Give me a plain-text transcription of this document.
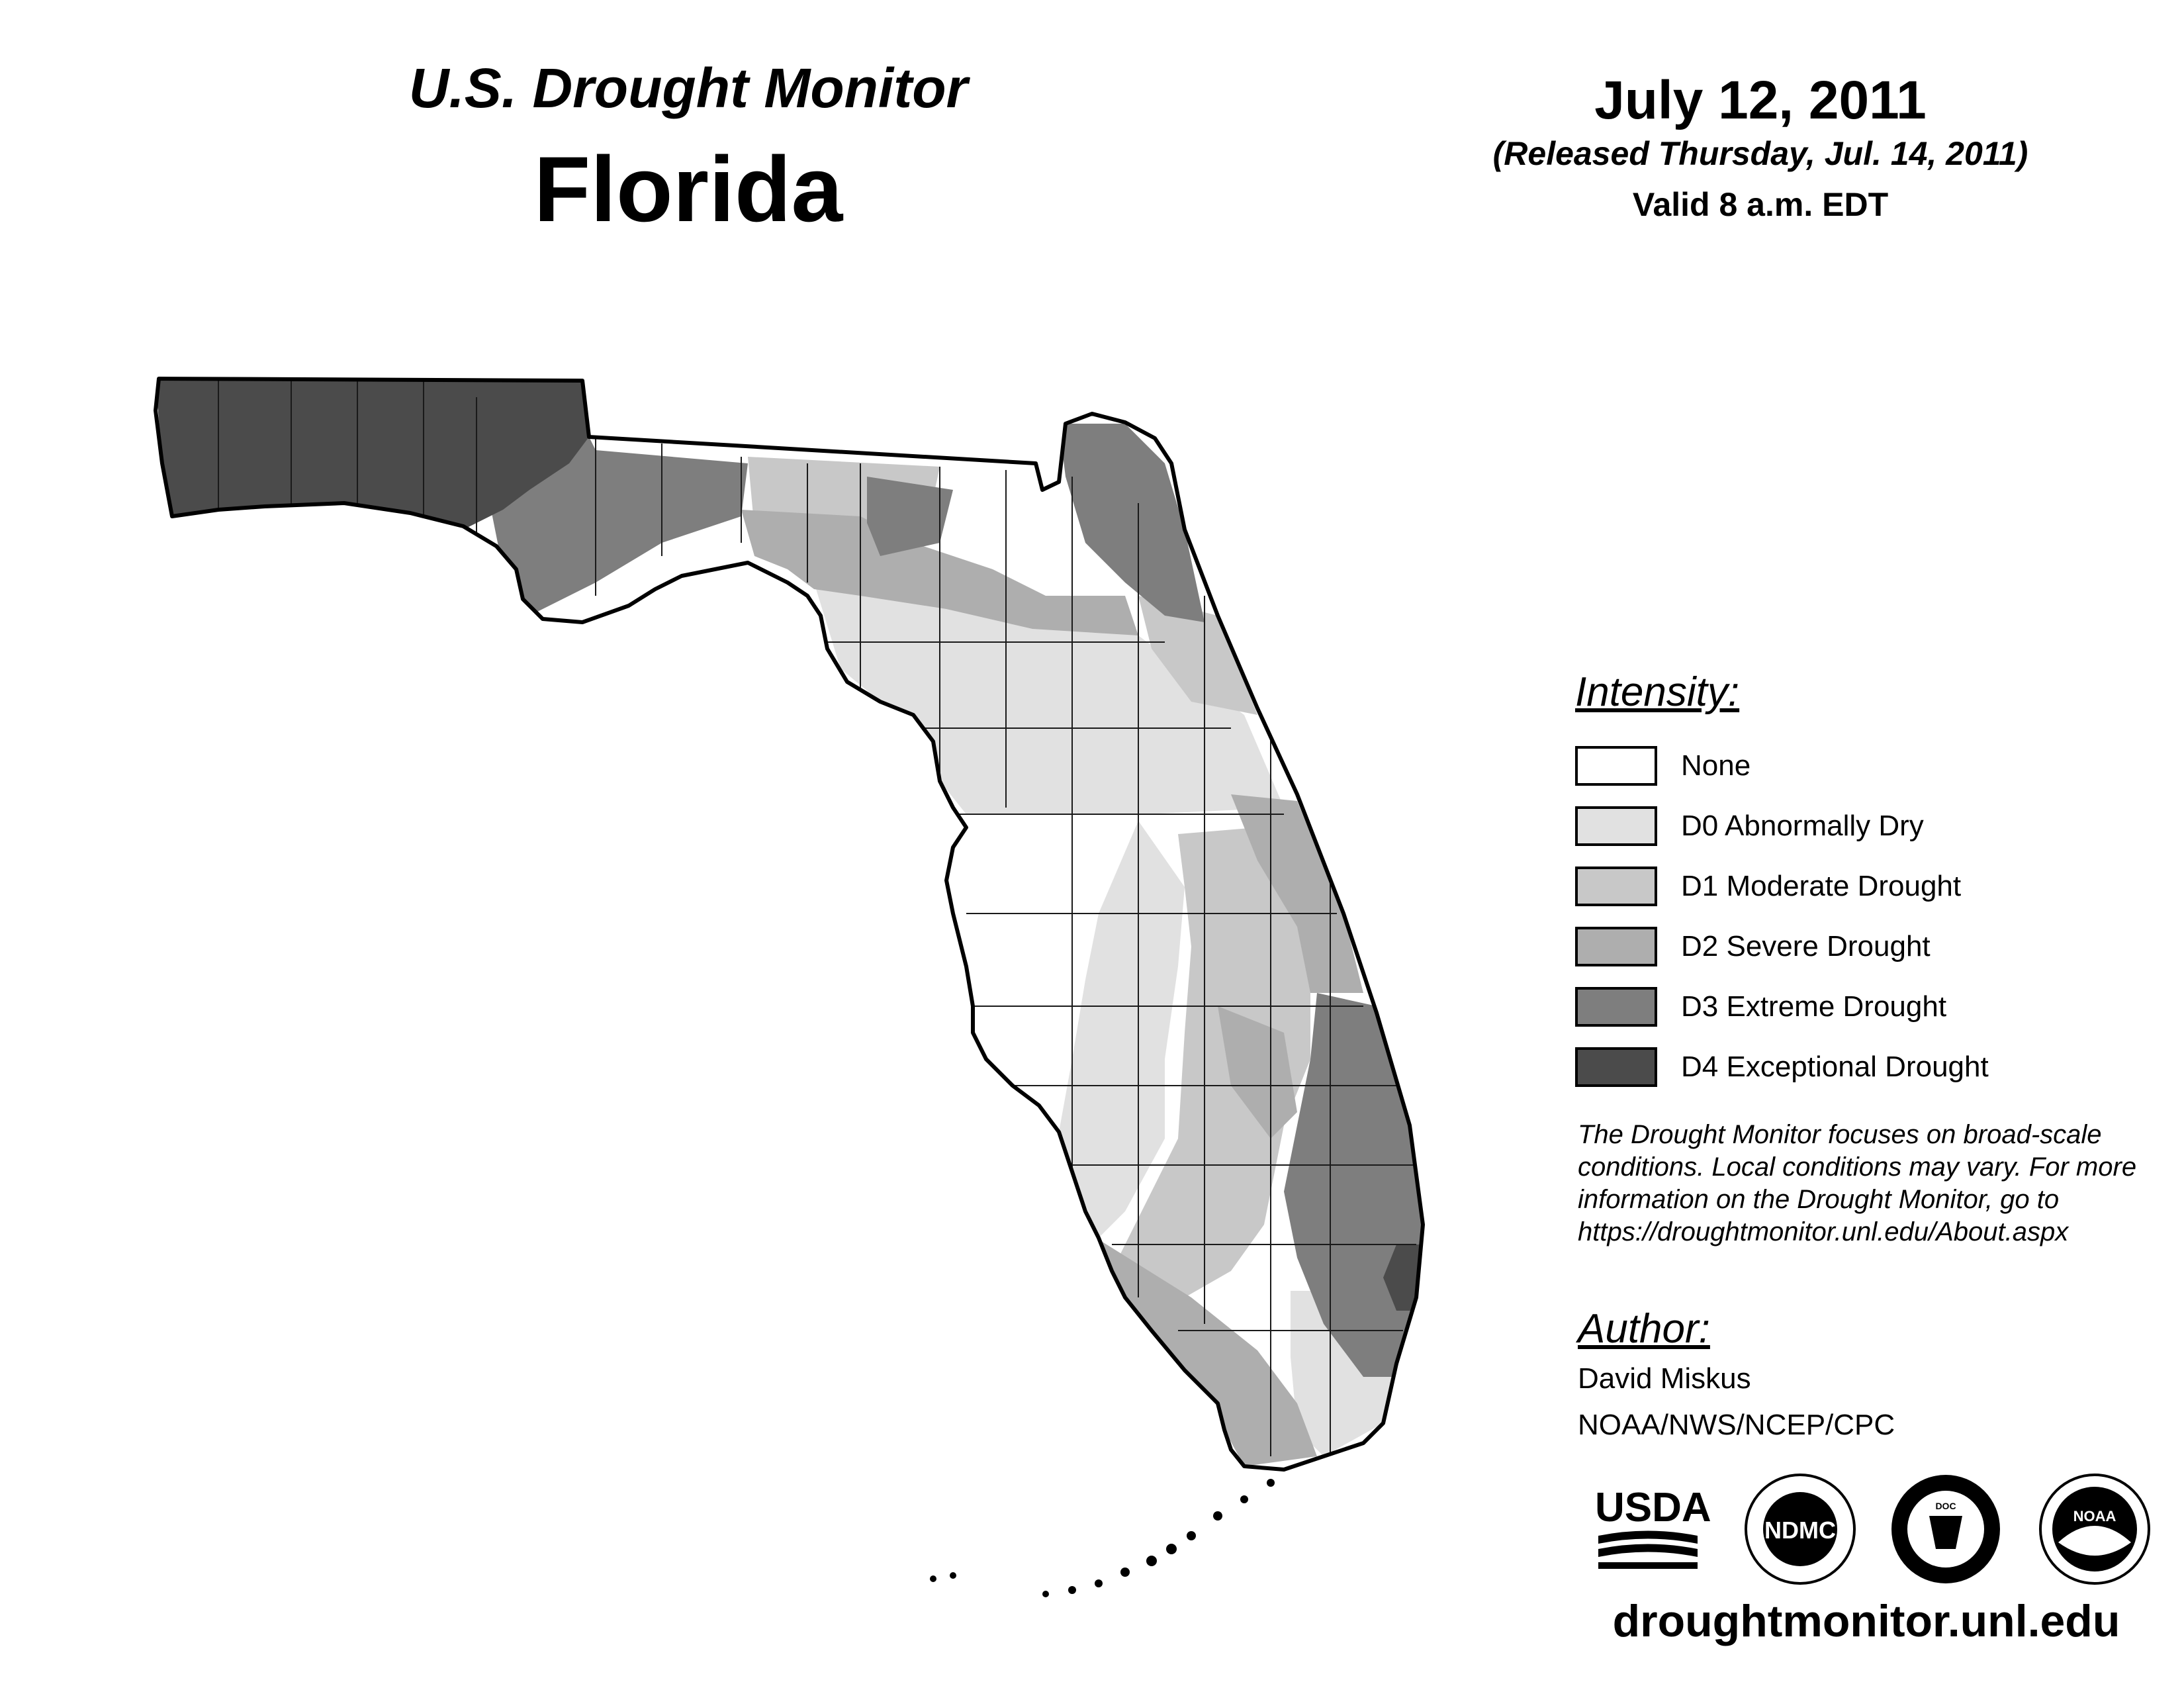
U.S. Drought Monitor
Florida
July 12, 2011
(Released Thursday, Jul. 14, 2011)
Valid 8 a.m. EDT
Intensity:
None
D0 Abnormally Dry
D1 Moderate Drought
D2 Severe Drought
D3 Extreme Drought
D4 Exceptional Drought
The Drought Monitor focuses on broad-scale
conditions. Local conditions may vary. For more
information on the Drought Monitor, go to
https://droughtmonitor.unl.edu/About.aspx
Author:
David Miskus
NOAA/NWS/NCEP/CPC
USDA NDMC
DOC
NOAA
droughtmonitor.unl.edu
